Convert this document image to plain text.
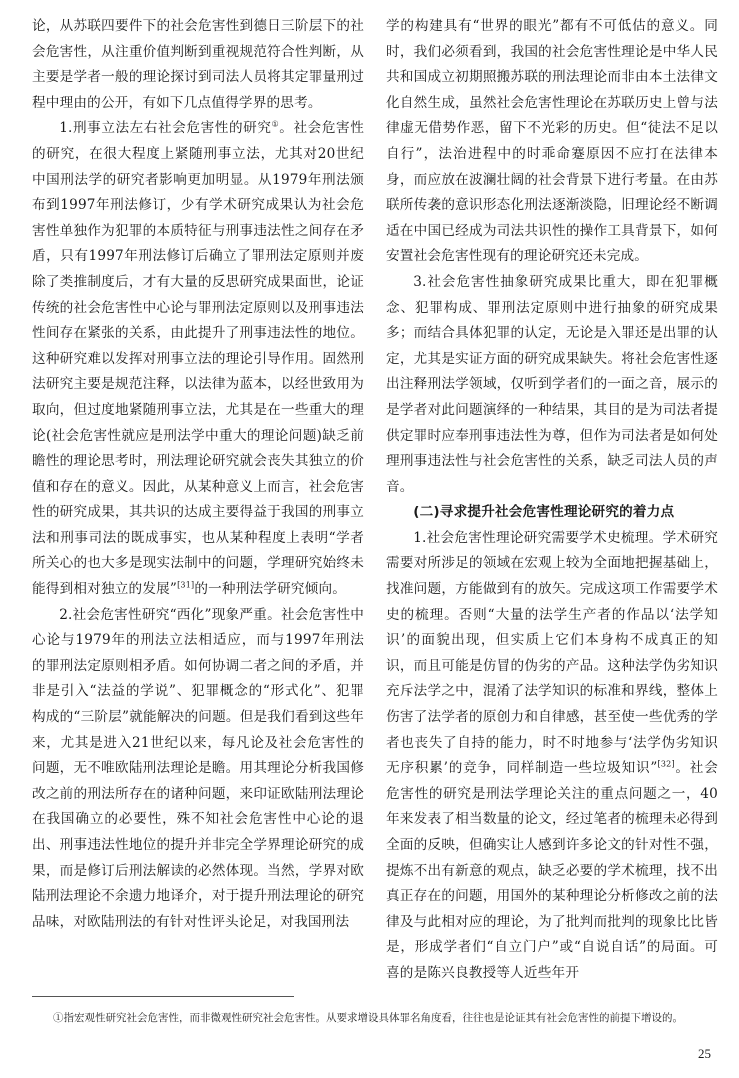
论，从苏联四要件下的社会危害性到德日三阶层下的社会危害性，从注重价值判断到重视规范符合性判断，从主要是学者一般的理论探讨到司法人员将其定罪量刑过程中理由的公开，有如下几点值得学界的思考。

1.刑事立法左右社会危害性的研究①。社会危害性的研究，在很大程度上紧随刑事立法，尤其对20世纪中国刑法学的研究者影响更加明显。从1979年刑法颁布到1997年刑法修订，少有学术研究成果认为社会危害性单独作为犯罪的本质特征与刑事违法性之间存在矛盾，只有1997年刑法修订后确立了罪刑法定原则并废除了类推制度后，才有大量的反思研究成果面世，论证传统的社会危害性中心论与罪刑法定原则以及刑事违法性间存在紧张的关系，由此提升了刑事违法性的地位。这种研究难以发挥对刑事立法的理论引导作用。固然刑法研究主要是规范注释，以法律为蓝本，以经世致用为取向，但过度地紧随刑事立法，尤其是在一些重大的理论(社会危害性就应是刑法学中重大的理论问题)缺乏前瞻性的理论思考时，刑法理论研究就会丧失其独立的价值和存在的意义。因此，从某种意义上而言，社会危害性的研究成果，其共识的达成主要得益于我国的刑事立法和刑事司法的既成事实，也从某种程度上表明“学者所关心的也大多是现实法制中的问题，学理研究始终未能得到相对独立的发展”[31]的一种刑法学研究倾向。

2.社会危害性研究“西化”现象严重。社会危害性中心论与1979年的刑法立法相适应，而与1997年刑法的罪刑法定原则相矛盾。如何协调二者之间的矛盾，并非是引入“法益的学说”、犯罪概念的“形式化”、犯罪构成的“三阶层”就能解决的问题。但是我们看到这些年来，尤其是进入21世纪以来，每凡论及社会危害性的问题，无不唯欧陆刑法理论是瞻。用其理论分析我国修改之前的刑法所存在的诸种问题，来印证欧陆刑法理论在我国确立的必要性，殊不知社会危害性中心论的退出、刑事违法性地位的提升并非完全学界理论研究的成果，而是修订后刑法解读的必然体现。当然，学界对欧陆刑法理论不余遗力地译介，对于提升刑法理论的研究品味，对欧陆刑法的有针对性评头论足，对我国刑法

学的构建具有“世界的眼光”都有不可低估的意义。同时，我们必须看到，我国的社会危害性理论是中华人民共和国成立初期照搬苏联的刑法理论而非由本土法律文化自然生成，虽然社会危害性理论在苏联历史上曾与法律虚无借势作恶，留下不光彩的历史。但“徒法不足以自行”，法治进程中的时乖命蹇原因不应打在法律本身，而应放在波澜壮阔的社会背景下进行考量。在由苏联所传袭的意识形态化刑法逐渐淡隐，旧理论经不断调适在中国已经成为司法共识性的操作工具背景下，如何安置社会危害性现有的理论研究还未完成。

3.社会危害性抽象研究成果比重大，即在犯罪概念、犯罪构成、罪刑法定原则中进行抽象的研究成果多；而结合具体犯罪的认定，无论是入罪还是出罪的认定，尤其是实证方面的研究成果缺失。将社会危害性逐出注释刑法学领域，仅听到学者们的一面之音，展示的是学者对此问题演绎的一种结果，其目的是为司法者提供定罪时应奉刑事违法性为尊，但作为司法者是如何处理刑事违法性与社会危害性的关系，缺乏司法人员的声音。

(二)寻求提升社会危害性理论研究的着力点

1.社会危害性理论研究需要学术史梳理。学术研究需要对所涉足的领域在宏观上较为全面地把握基础上，找准问题，方能做到有的放矢。完成这项工作需要学术史的梳理。否则“大量的法学生产者的作品以‘法学知识’的面貌出现，但实质上它们本身构不成真正的知识，而且可能是仿冒的伪劣的产品。这种法学伪劣知识充斥法学之中，混淆了法学知识的标准和界线，整体上伤害了法学者的原创力和自律感，甚至使一些优秀的学者也丧失了自持的能力，时不时地参与‘法学伪劣知识无序积累’的竞争，同样制造一些垃圾知识”[32]。社会危害性的研究是刑法学理论关注的重点问题之一，40年来发表了相当数量的论文，经过笔者的梳理未必得到全面的反映，但确实让人感到许多论文的针对性不强，提炼不出有新意的观点，缺乏必要的学术梳理，找不出真正存在的问题，用国外的某种理论分析修改之前的法律及与此相对应的理论，为了批判而批判的现象比比皆是，形成学者们“自立门户”或“自说自话”的局面。可喜的是陈兴良教授等人近些年开

①指宏观性研究社会危害性，而非微观性研究社会危害性。从要求增设具体罪名角度看，往往也是论证其有社会危害性的前提下增设的。
25
